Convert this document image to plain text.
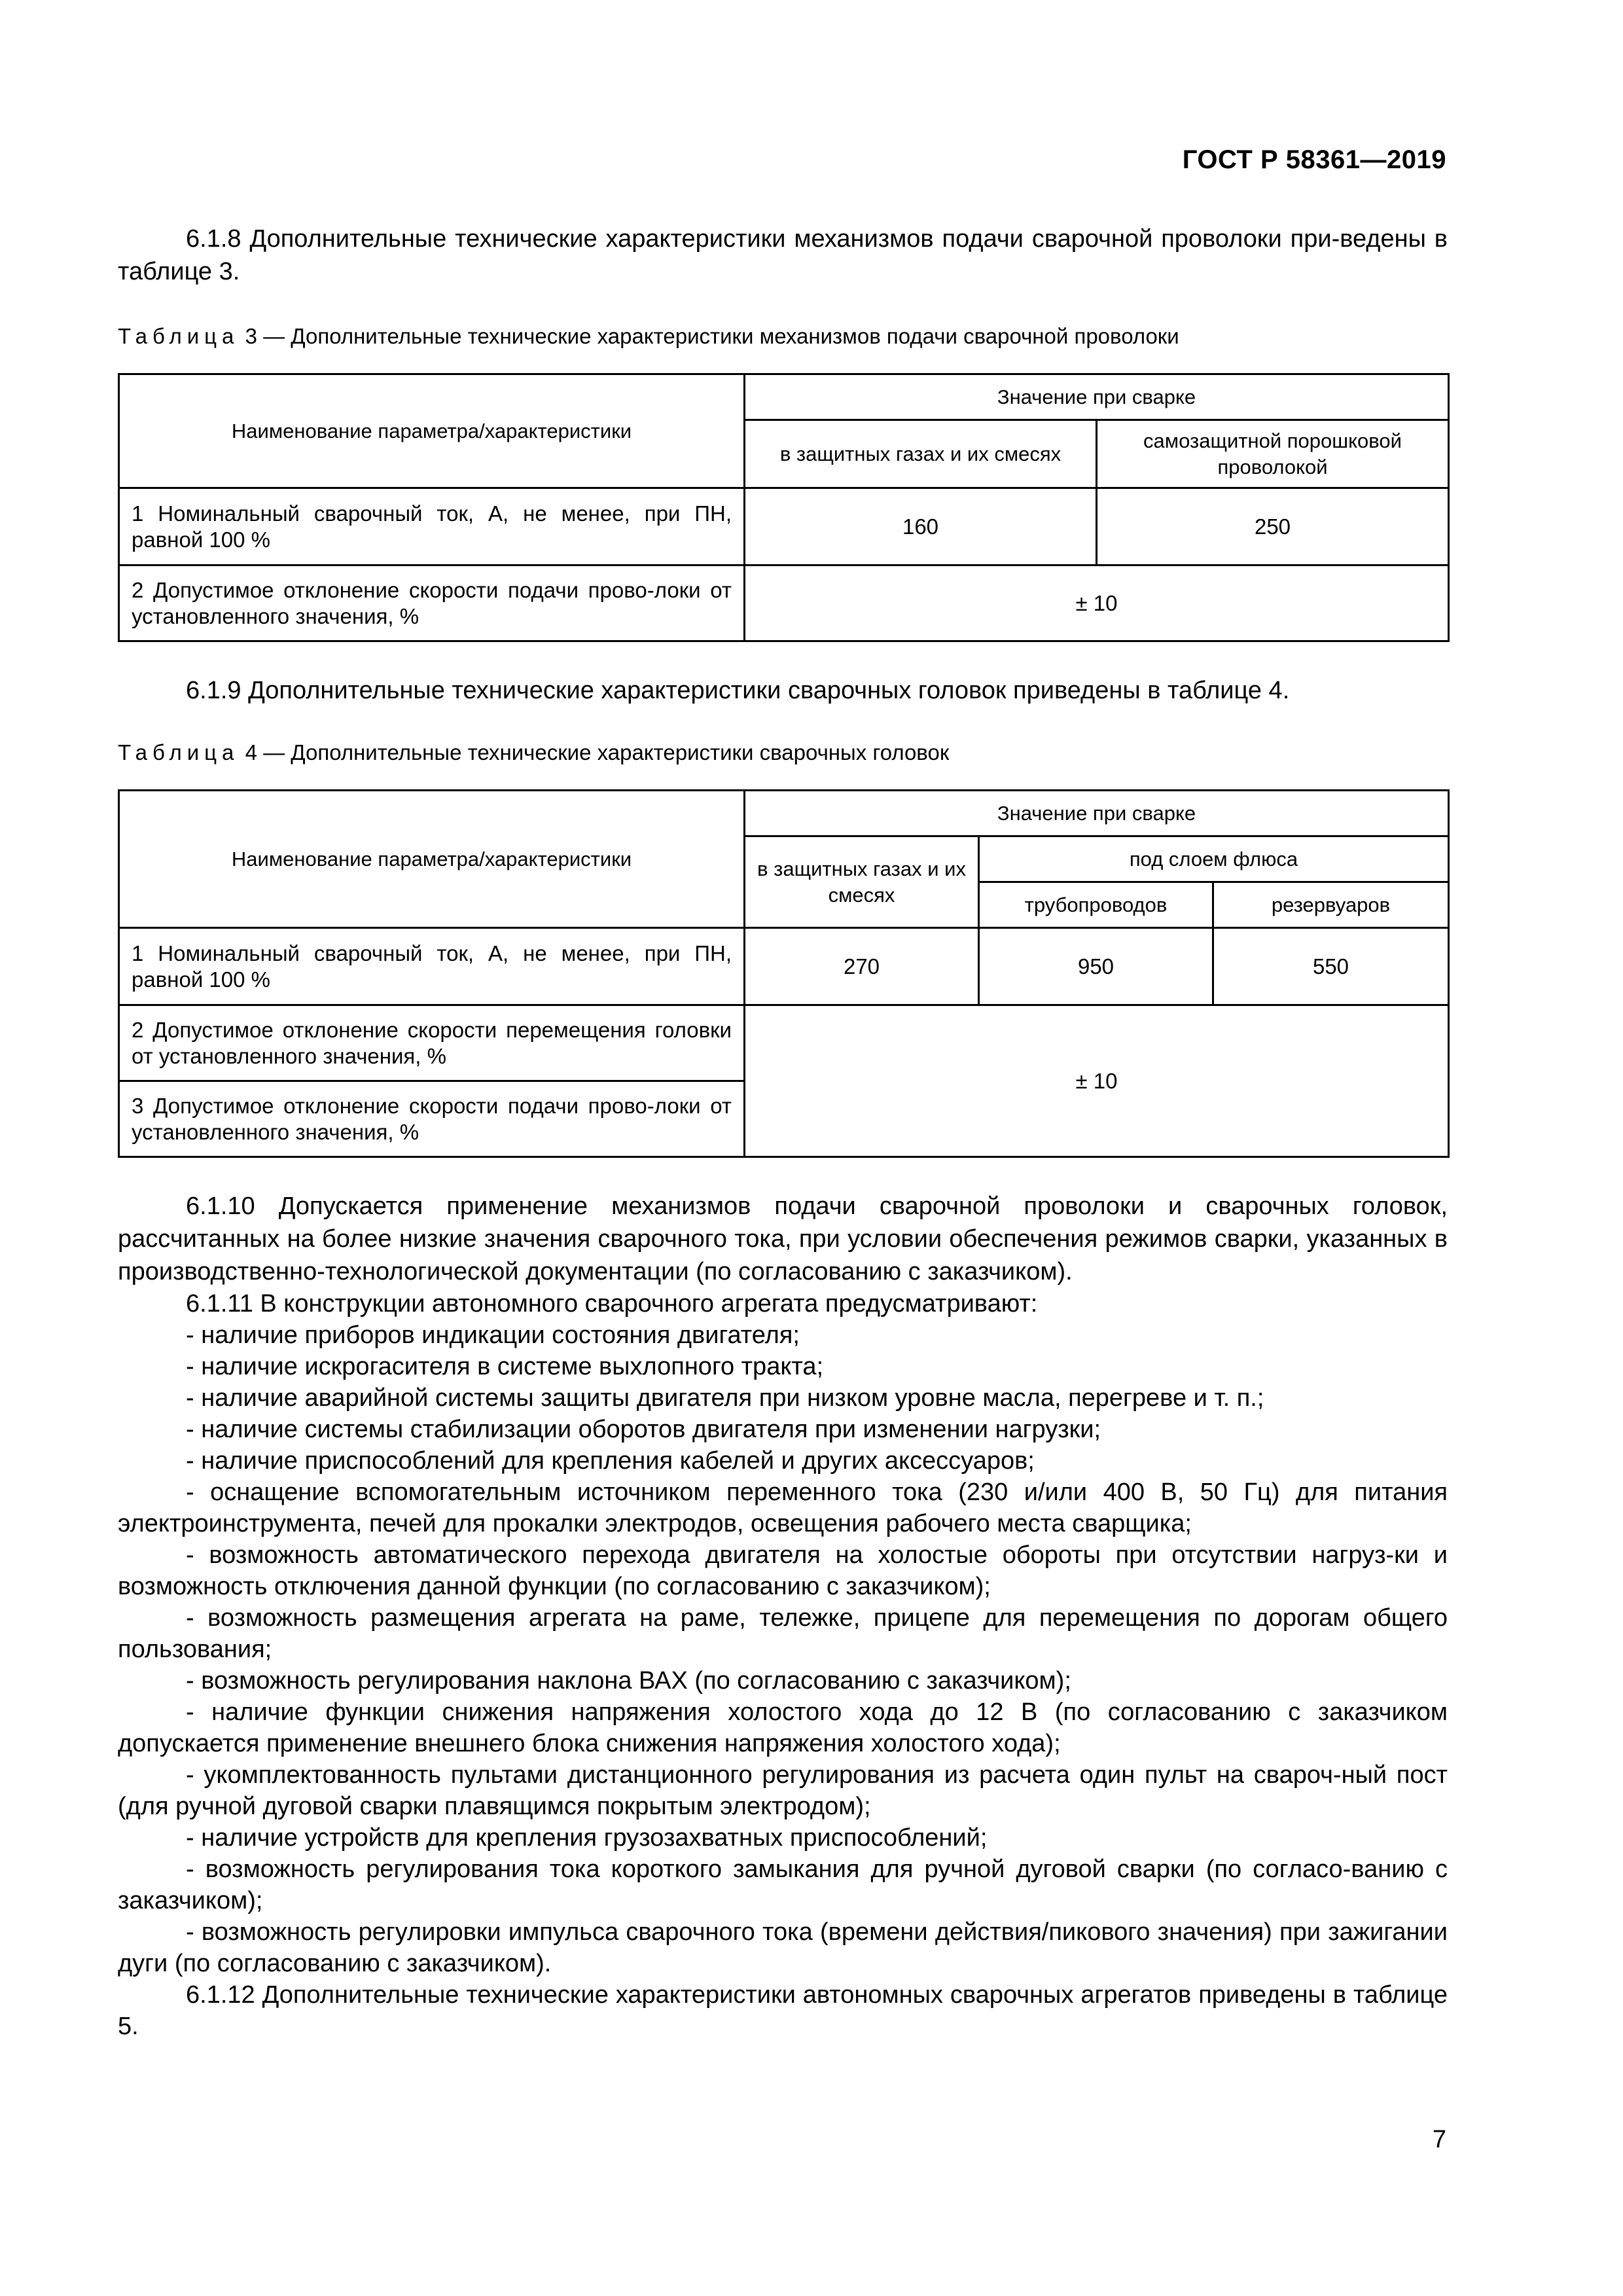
ГОСТ Р 58361—2019
6.1.8 Дополнительные технические характеристики механизмов подачи сварочной проволоки при-ведены в таблице 3.
Таблица 3 — Дополнительные технические характеристики механизмов подачи сварочной проволоки
Наименование параметра/характеристики	Значение при сварке	
	в защитных газах и их смесях	самозащитной порошковой проволокой
1 Номинальный сварочный ток, А, не менее, при ПН, равной 100 %	160	250
2 Допустимое отклонение скорости подачи прово-локи от установленного значения, %	± 10	
6.1.9 Дополнительные технические характеристики сварочных головок приведены в таблице 4.
Таблица 4 — Дополнительные технические характеристики сварочных головок
Наименование параметра/характеристики	Значение при сварке		
	в защитных газах и их смесях	под слоем флюса	
		трубопроводов	резервуаров
1 Номинальный сварочный ток, А, не менее, при ПН, равной 100 %	270	950	550
2 Допустимое отклонение скорости перемещения головки от установленного значения, %	± 10		
3 Допустимое отклонение скорости подачи прово-локи от установленного значения, %			
6.1.10 Допускается применение механизмов подачи сварочной проволоки и сварочных головок, рассчитанных на более низкие значения сварочного тока, при условии обеспечения режимов сварки, указанных в производственно-технологической документации (по согласованию с заказчиком).

6.1.11 В конструкции автономного сварочного агрегата предусматривают:

- наличие приборов индикации состояния двигателя;

- наличие искрогасителя в системе выхлопного тракта;

- наличие аварийной системы защиты двигателя при низком уровне масла, перегреве и т. п.;

- наличие системы стабилизации оборотов двигателя при изменении нагрузки;

- наличие приспособлений для крепления кабелей и других аксессуаров;

- оснащение вспомогательным источником переменного тока (230 и/или 400 В, 50 Гц) для питания электроинструмента, печей для прокалки электродов, освещения рабочего места сварщика;

- возможность автоматического перехода двигателя на холостые обороты при отсутствии нагруз-ки и возможность отключения данной функции (по согласованию с заказчиком);

- возможность размещения агрегата на раме, тележке, прицепе для перемещения по дорогам общего пользования;

- возможность регулирования наклона ВАХ (по согласованию с заказчиком);

- наличие функции снижения напряжения холостого хода до 12 В (по согласованию с заказчиком допускается применение внешнего блока снижения напряжения холостого хода);

- укомплектованность пультами дистанционного регулирования из расчета один пульт на свароч-ный пост (для ручной дуговой сварки плавящимся покрытым электродом);

- наличие устройств для крепления грузозахватных приспособлений;

- возможность регулирования тока короткого замыкания для ручной дуговой сварки (по согласо-ванию с заказчиком);

- возможность регулировки импульса сварочного тока (времени действия/пикового значения) при зажигании дуги (по согласованию с заказчиком).

6.1.12 Дополнительные технические характеристики автономных сварочных агрегатов приведены в таблице 5.

7
